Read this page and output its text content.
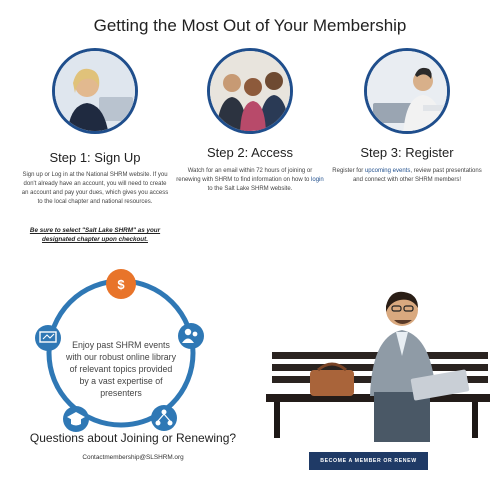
Getting the Most Out of Your Membership
Step 1: Sign Up	Step 2: Access	Step 3: Register
Sign up or Log in at the National SHRM website. If you don't already have an account, you will need to create an account and pay your dues, which gives you access to the local chapter and national resources.
Be sure to select "Salt Lake SHRM" as your designated chapter upon checkout.
Watch for an email within 72 hours of joining or renewing with SHRM to find information on how to login to the Salt Lake SHRM website.
Register for upcoming events, review past presentations and connect with other SHRM members!
$
Enjoy past SHRM events with our robust online library of relevant topics provided by a vast expertise of presenters
Questions about Joining or Renewing?
Contactmembership@SLSHRM.org	BECOME A MEMBER OR RENEW
